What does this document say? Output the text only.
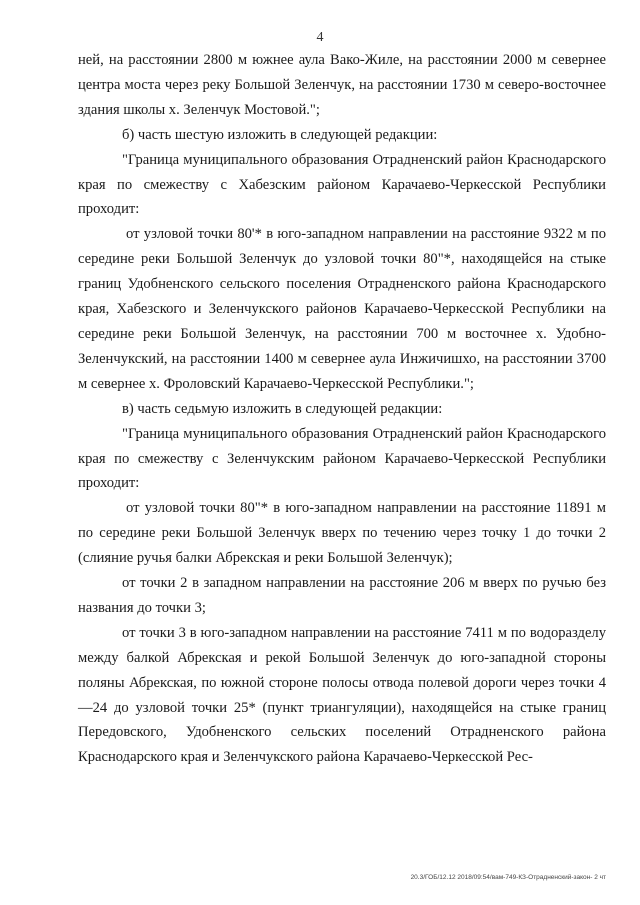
4

ней, на расстоянии 2800 м южнее аула Вако-Жиле, на расстоянии 2000 м севернее центра моста через реку Большой Зеленчук, на расстоянии 1730 м северо-восточнее здания школы х. Зеленчук Мостовой.";

б) часть шестую изложить в следующей редакции:

"Граница муниципального образования Отрадненский район Краснодарского края по смежеству с Хабезским районом Карачаево-Черкесской Республики проходит:

от узловой точки 80'* в юго-западном направлении на расстояние 9322 м по середине реки Большой Зеленчук до узловой точки 80"*, находящейся на стыке границ Удобненского сельского поселения Отрадненского района Краснодарского края, Хабезского и Зеленчукского районов Карачаево-Черкесской Республики на середине реки Большой Зеленчук, на расстоянии 700 м восточнее х. Удобно-Зеленчукский, на расстоянии 1400 м севернее аула Инжичишхо, на расстоянии 3700 м севернее х. Фроловский Карачаево-Черкесской Республики.";

в) часть седьмую изложить в следующей редакции:

"Граница муниципального образования Отрадненский район Краснодарского края по смежеству с Зеленчукским районом Карачаево-Черкесской Республики проходит:

от узловой точки 80"* в юго-западном направлении на расстояние 11891 м по середине реки Большой Зеленчук вверх по течению через точку 1 до точки 2 (слияние ручья балки Абрекская и реки Большой Зеленчук);

от точки 2 в западном направлении на расстояние 206 м вверх по ручью без названия до точки 3;

от точки 3 в юго-западном направлении на расстояние 7411 м по водоразделу между балкой Абрекская и рекой Большой Зеленчук до юго-западной стороны поляны Абрекская, по южной стороне полосы отвода полевой дороги через точки 4—24 до узловой точки 25* (пункт триангуляции), находящейся на стыке границ Передовского, Удобненского сельских поселений Отрадненского района Краснодарского края и Зеленчукского района Карачаево-Черкесской Рес-

20.3/ГОБ/12.12 2018/09:54/вам-749-КЗ-Отрадненский-закон- 2 чт
